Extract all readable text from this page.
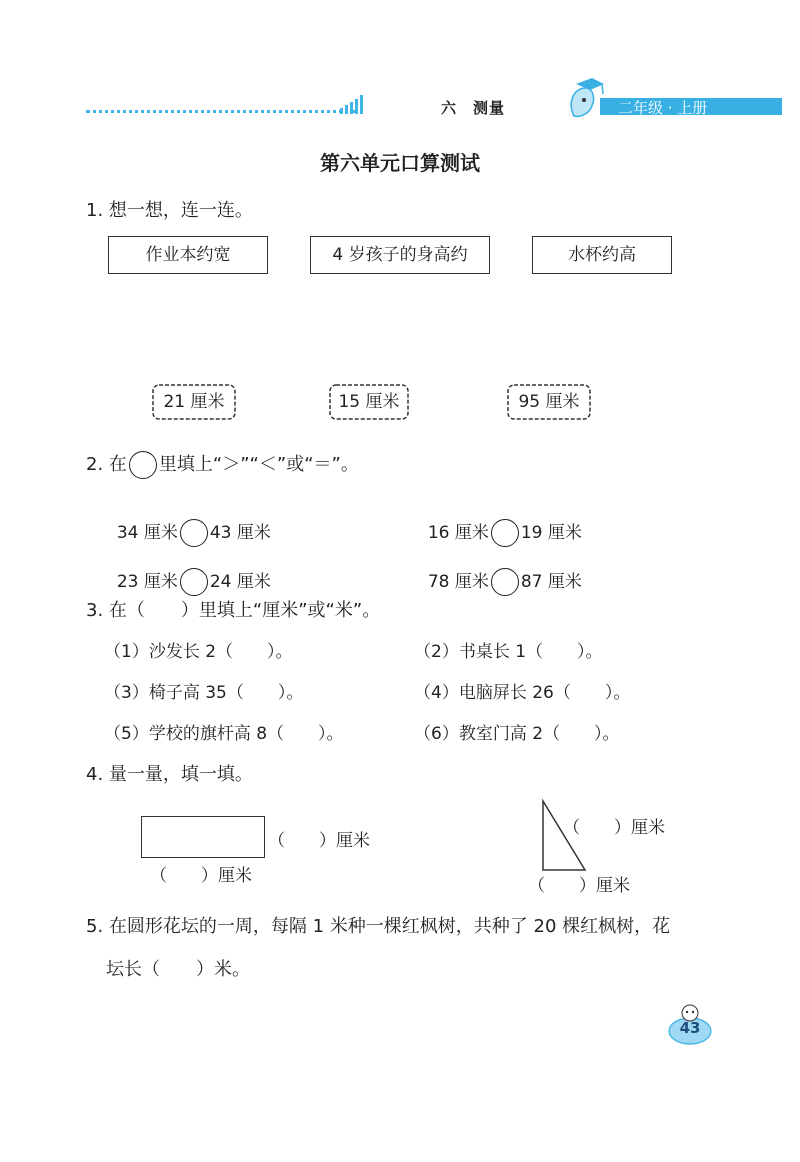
六　测量	二年级 · 上册
第六单元口算测试
1. 想一想，连一连。
作业本约宽	4 岁孩子的身高约	水杯约高
21 厘米	15 厘米	95 厘米
2. 在 里填上“＞”“＜”或“＝”。

34 厘米 43 厘米	16 厘米 19 厘米

23 厘米 24 厘米	78 厘米 87 厘米

3. 在（　　）里填上“厘米”或“米”。
（1）沙发长 2（　　）。	（2）书桌长 1（　　）。
（3）椅子高 35（　　）。	（4）电脑屏长 26（　　）。
（5）学校的旗杆高 8（　　）。	（6）教室门高 2（　　）。
4. 量一量，填一填。
（　　）厘米
（　　）厘米
（　　）厘米
（　　）厘米
5. 在圆形花坛的一周，每隔 1 米种一棵红枫树，共种了 20 棵红枫树，花
坛长（　　）米。
43
